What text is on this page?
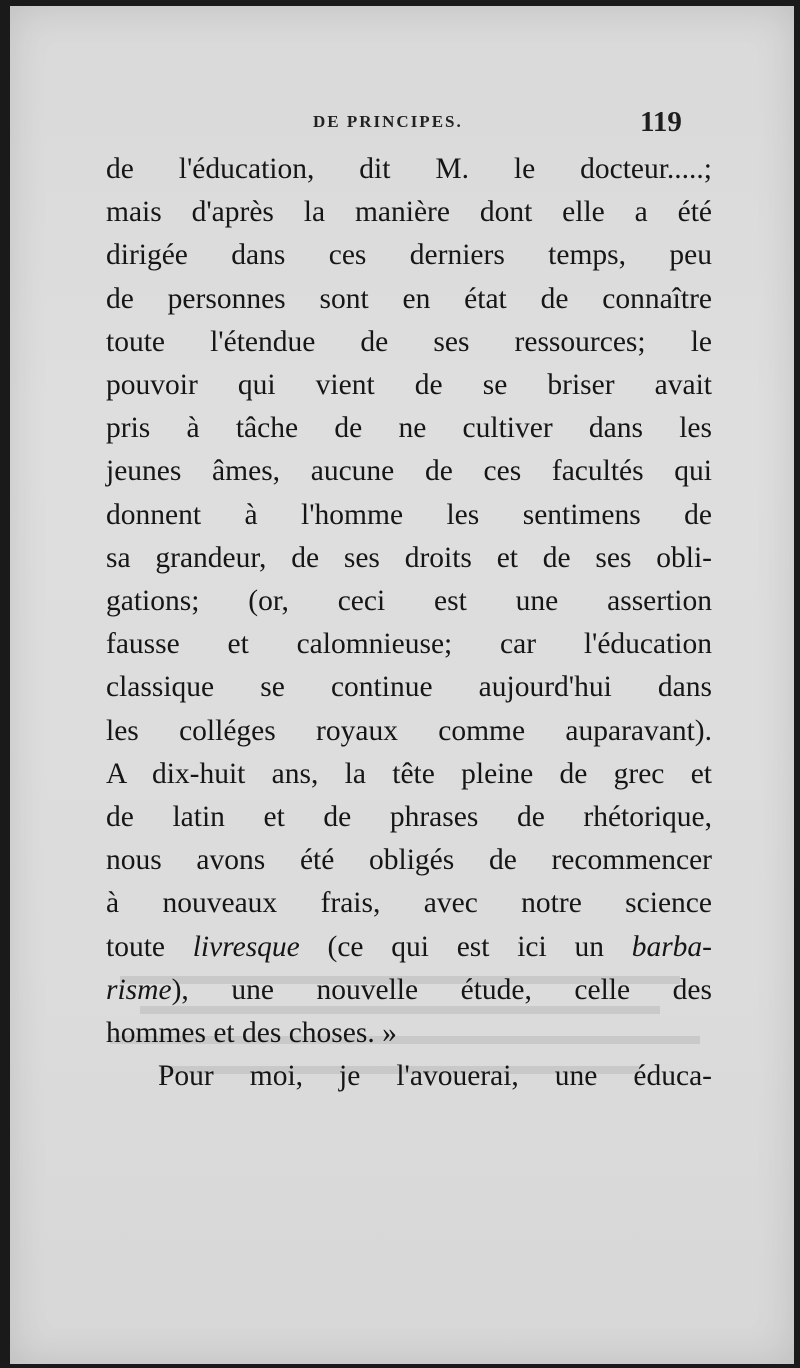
DE PRINCIPES.	119
de l'éducation, dit M. le docteur.....;
mais d'après la manière dont elle a été
dirigée dans ces derniers temps, peu
de personnes sont en état de connaître
toute l'étendue de ses ressources; le
pouvoir qui vient de se briser avait
pris à tâche de ne cultiver dans les
jeunes âmes, aucune de ces facultés qui
donnent à l'homme les sentimens de
sa grandeur, de ses droits et de ses obli-
gations; (or, ceci est une assertion
fausse et calomnieuse; car l'éducation
classique se continue aujourd'hui dans
les colléges royaux comme auparavant).
A dix-huit ans, la tête pleine de grec et
de latin et de phrases de rhétorique,
nous avons été obligés de recommencer
à nouveaux frais, avec notre science
toute livresque (ce qui est ici un barba-
risme), une nouvelle étude, celle des
hommes et des choses. »
Pour moi, je l'avouerai, une éduca-
